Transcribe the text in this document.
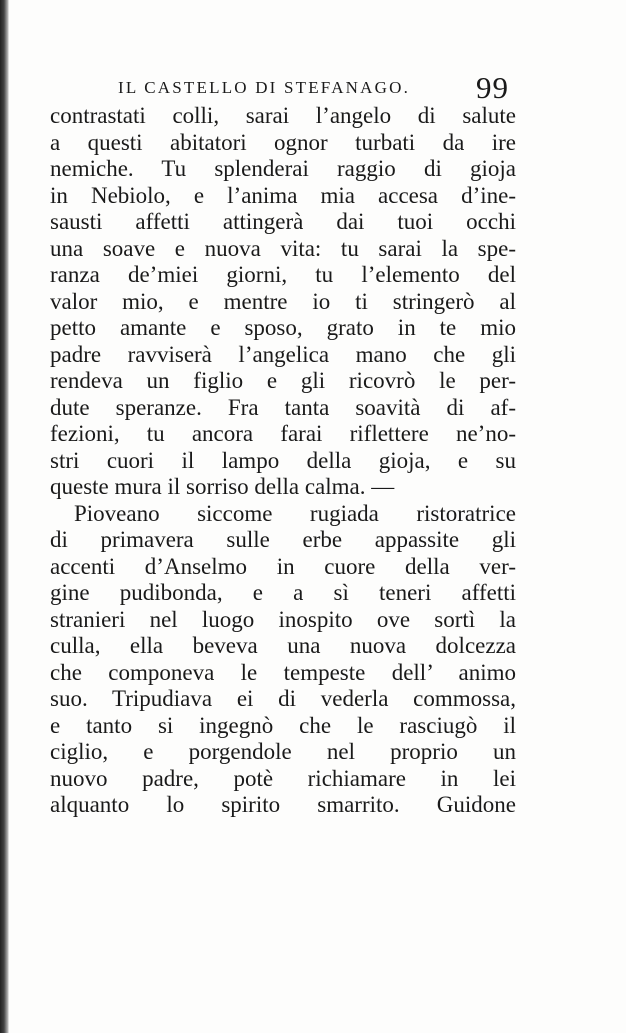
IL CASTELLO DI STEFANAGO. 99
contrastati colli, sarai l’angelo di salute
a questi abitatori ognor turbati da ire
nemiche. Tu splenderai raggio di gioja
in Nebiolo, e l’anima mia accesa d’ine-
sausti affetti attingerà dai tuoi occhi
una soave e nuova vita: tu sarai la spe-
ranza de’miei giorni, tu l’elemento del
valor mio, e mentre io ti stringerò al
petto amante e sposo, grato in te mio
padre ravviserà l’angelica mano che gli
rendeva un figlio e gli ricovrò le per-
dute speranze. Fra tanta soavità di af-
fezioni, tu ancora farai riflettere ne’no-
stri cuori il lampo della gioja, e su
queste mura il sorriso della calma. —
Pioveano siccome rugiada ristoratrice
di primavera sulle erbe appassite gli
accenti d’Anselmo in cuore della ver-
gine pudibonda, e a sì teneri affetti
stranieri nel luogo inospito ove sortì la
culla, ella beveva una nuova dolcezza
che componeva le tempeste dell’ animo
suo. Tripudiava ei di vederla commossa,
e tanto si ingegnò che le rasciugò il
ciglio, e porgendole nel proprio un
nuovo padre, potè richiamare in lei
alquanto lo spirito smarrito. Guidone
